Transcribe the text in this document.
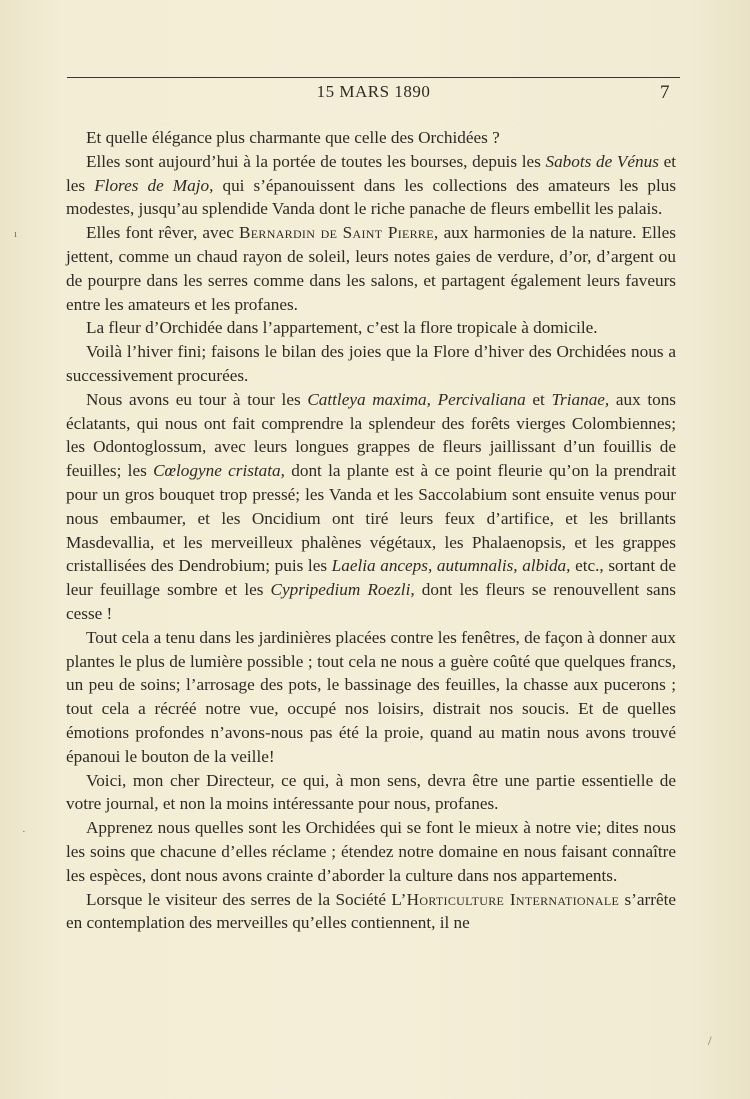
15 MARS 1890	7

Et quelle élégance plus charmante que celle des Orchidées ?

Elles sont aujourd’hui à la portée de toutes les bourses, depuis les Sabots de Vénus et les Flores de Majo, qui s’épanouissent dans les collections des amateurs les plus modestes, jusqu’au splendide Vanda dont le riche panache de fleurs embellit les palais.

Elles font rêver, avec Bernardin de Saint Pierre, aux harmonies de la nature. Elles jettent, comme un chaud rayon de soleil, leurs notes gaies de verdure, d’or, d’argent ou de pourpre dans les serres comme dans les salons, et partagent également leurs faveurs entre les amateurs et les profanes.

La fleur d’Orchidée dans l’appartement, c’est la flore tropicale à domicile.

Voilà l’hiver fini; faisons le bilan des joies que la Flore d’hiver des Orchidées nous a successivement procurées.

Nous avons eu tour à tour les Cattleya maxima, Percivaliana et Trianae, aux tons éclatants, qui nous ont fait comprendre la splendeur des forêts vierges Colombiennes; les Odontoglossum, avec leurs longues grappes de fleurs jaillissant d’un fouillis de feuilles; les Cœlogyne cristata, dont la plante est à ce point fleurie qu’on la prendrait pour un gros bouquet trop pressé; les Vanda et les Saccolabium sont ensuite venus pour nous embaumer, et les Oncidium ont tiré leurs feux d’artifice, et les brillants Masdevallia, et les merveilleux phalènes végétaux, les Phalaenopsis, et les grappes cristallisées des Dendrobium; puis les Laelia anceps, autumnalis, albida, etc., sortant de leur feuillage sombre et les Cypripedium Roezli, dont les fleurs se renouvellent sans cesse !

Tout cela a tenu dans les jardinières placées contre les fenêtres, de façon à donner aux plantes le plus de lumière possible ; tout cela ne nous a guère coûté que quelques francs, un peu de soins; l’arrosage des pots, le bassinage des feuilles, la chasse aux pucerons ; tout cela a récréé notre vue, occupé nos loisirs, distrait nos soucis. Et de quelles émotions profondes n’avons-nous pas été la proie, quand au matin nous avons trouvé épanoui le bouton de la veille!

Voici, mon cher Directeur, ce qui, à mon sens, devra être une partie essentielle de votre journal, et non la moins intéressante pour nous, profanes.

Apprenez nous quelles sont les Orchidées qui se font le mieux à notre vie; dites nous les soins que chacune d’elles réclame ; étendez notre domaine en nous faisant connaître les espèces, dont nous avons crainte d’aborder la culture dans nos appartements.

Lorsque le visiteur des serres de la Société L’Horticulture Internationale s’arrête en contemplation des merveilles qu’elles contiennent, il ne

ı
·
/
